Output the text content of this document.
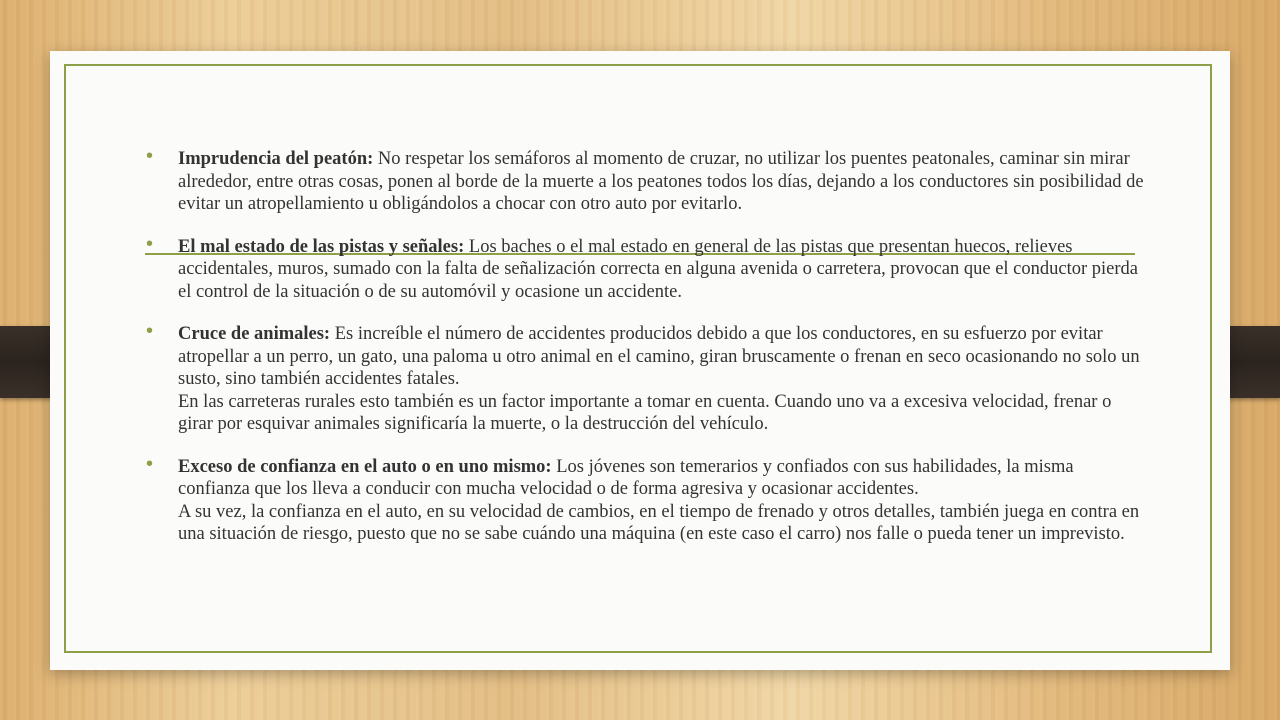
• Imprudencia del peatón: No respetar los semáforos al momento de cruzar, no utilizar los puentes peatonales, caminar sin mirar alrededor, entre otras cosas, ponen al borde de la muerte a los peatones todos los días, dejando a los conductores sin posibilidad de evitar un atropellamiento u obligándolos a chocar con otro auto por evitarlo.
• El mal estado de las pistas y señales: Los baches o el mal estado en general de las pistas que presentan huecos, relieves accidentales, muros, sumado con la falta de señalización correcta en alguna avenida o carretera, provocan que el conductor pierda el control de la situación o de su automóvil y ocasione un accidente.
• Cruce de animales: Es increíble el número de accidentes producidos debido a que los conductores, en su esfuerzo por evitar atropellar a un perro, un gato, una paloma u otro animal en el camino, giran bruscamente o frenan en seco ocasionando no solo un susto, sino también accidentes fatales.
En las carreteras rurales esto también es un factor importante a tomar en cuenta. Cuando uno va a excesiva velocidad, frenar o girar por esquivar animales significaría la muerte, o la destrucción del vehículo.
• Exceso de confianza en el auto o en uno mismo: Los jóvenes son temerarios y confiados con sus habilidades, la misma confianza que los lleva a conducir con mucha velocidad o de forma agresiva y ocasionar accidentes.
A su vez, la confianza en el auto, en su velocidad de cambios, en el tiempo de frenado y otros detalles, también juega en contra en una situación de riesgo, puesto que no se sabe cuándo una máquina (en este caso el carro) nos falle o pueda tener un imprevisto.
